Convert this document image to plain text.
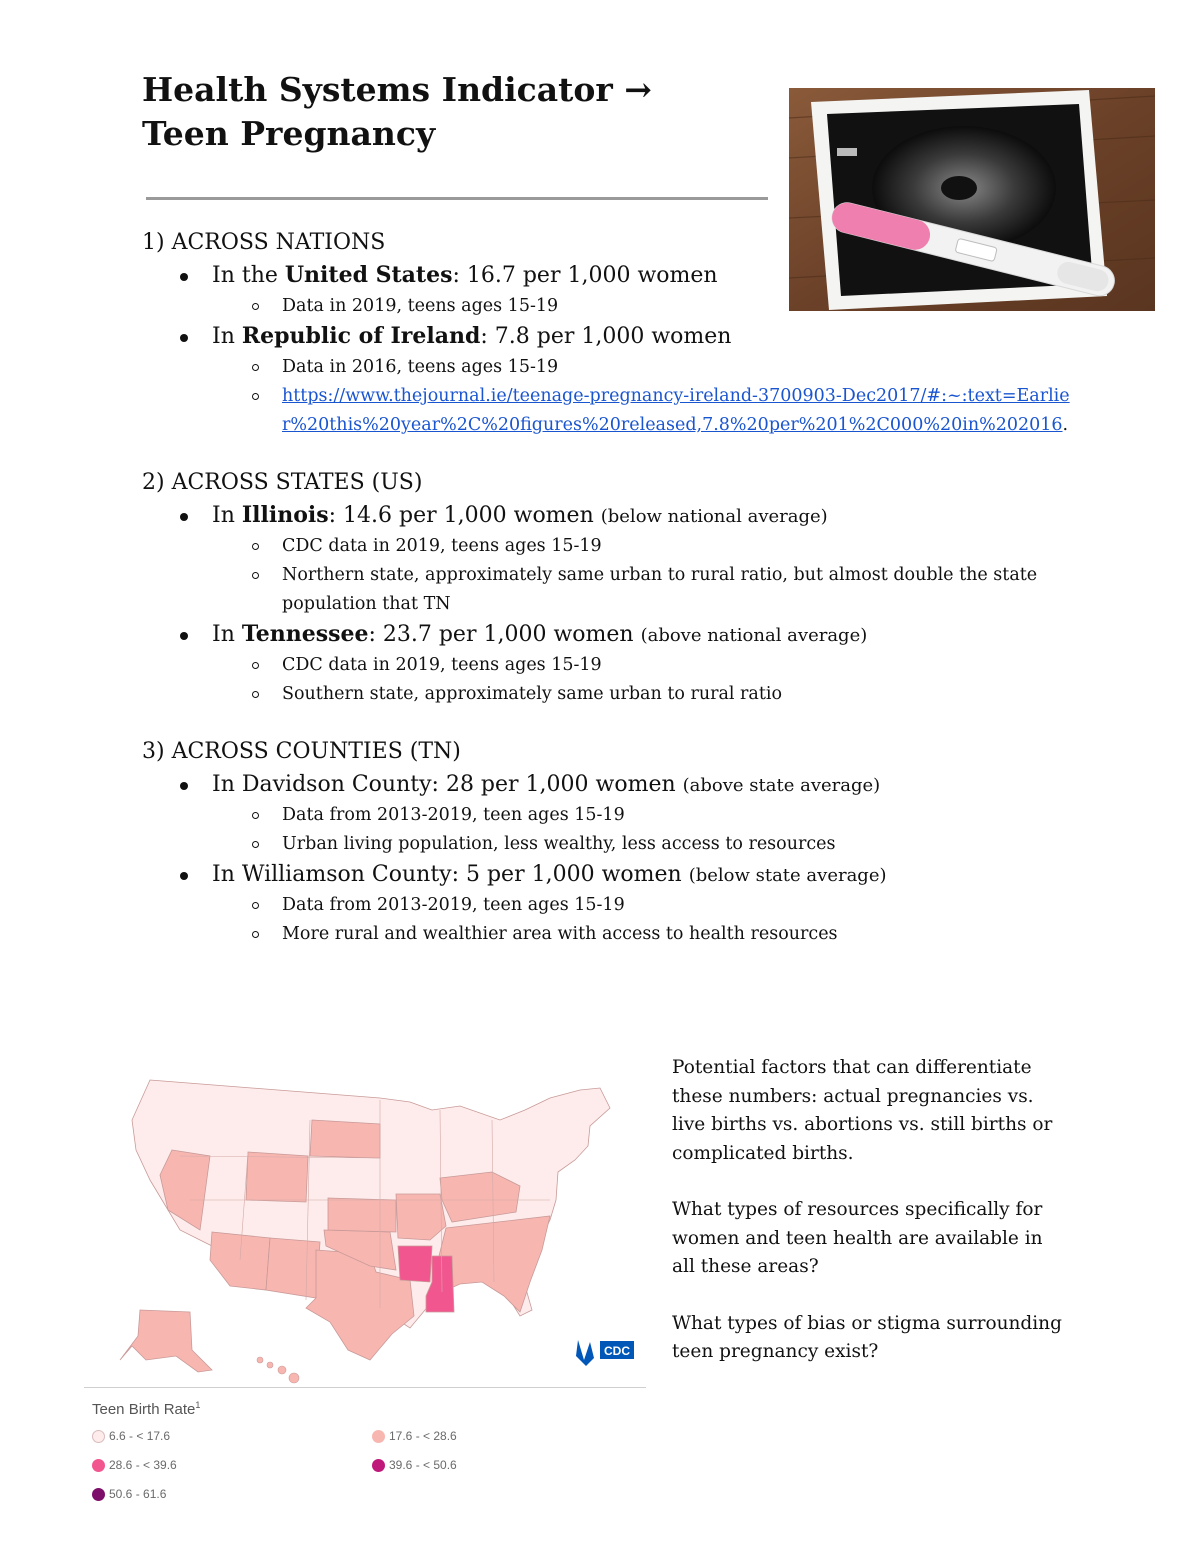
Health Systems Indicator →
Teen Pregnancy
1) ACROSS NATIONS
In the United States: 16.7 per 1,000 women
Data in 2019, teens ages 15-19
In Republic of Ireland: 7.8 per 1,000 women
Data in 2016, teens ages 15-19
https://www.thejournal.ie/teenage-pregnancy-ireland-3700903-Dec2017/#:~:text=Earlier%20this%20year%2C%20figures%20released,7.8%20per%201%2C000%20in%202016.
2) ACROSS STATES (US)
In Illinois: 14.6 per 1,000 women (below national average)
CDC data in 2019, teens ages 15-19
Northern state, approximately same urban to rural ratio, but almost double the state population that TN
In Tennessee: 23.7 per 1,000 women (above national average)
CDC data in 2019, teens ages 15-19
Southern state, approximately same urban to rural ratio
3) ACROSS COUNTIES (TN)
In Davidson County: 28 per 1,000 women (above state average)
Data from 2013-2019, teen ages 15-19
Urban living population, less wealthy, less access to resources
In Williamson County: 5 per 1,000 women (below state average)
Data from 2013-2019, teen ages 15-19
More rural and wealthier area with access to health resources

Potential factors that can differentiate these numbers: actual pregnancies vs. live births vs. abortions vs. still births or complicated births.

What types of resources specifically for women and teen health are available in all these areas?

What types of bias or stigma surrounding teen pregnancy exist?

CDC
Teen Birth Rate$^1$
6.6 - < 17.6	17.6 - < 28.6
28.6 - < 39.6	39.6 - < 50.6
50.6 - 61.6
